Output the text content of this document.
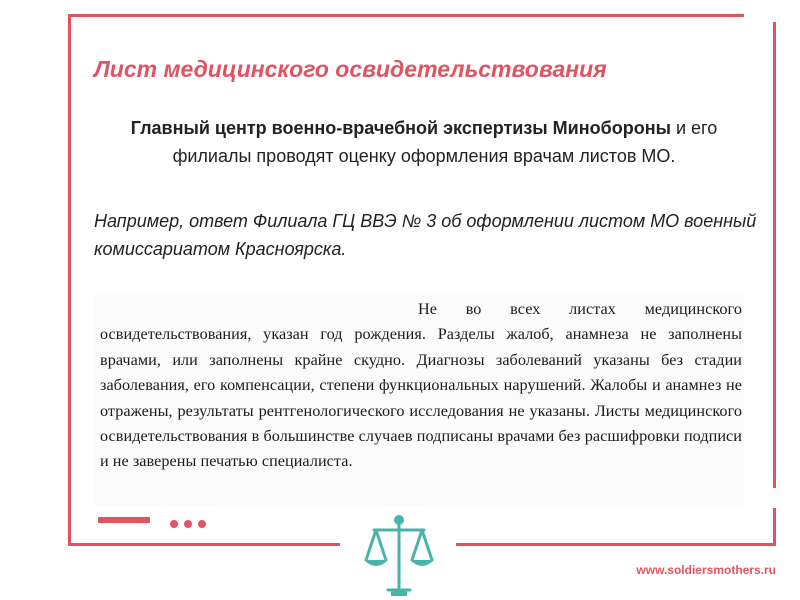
Лист медицинского освидетельствования

Главный центр военно-врачебной экспертизы Минобороны и его филиалы проводят оценку оформления врачам листов МО.

Например, ответ Филиала ГЦ ВВЭ № 3 об оформлении листом МО военный комиссариатом Красноярска.

Не во всех листах медицинского освидетельствования, указан год рождения. Разделы жалоб, анамнеза не заполнены врачами, или заполнены крайне скудно. Диагнозы заболеваний указаны без стадии заболевания, его компенсации, степени функциональных нарушений. Жалобы и анамнез не отражены, результаты рентгенологического исследования не указаны. Листы медицинского освидетельствования в большинстве случаев подписаны врачами без расшифровки подписи и не заверены печатью специалиста.

www.soldiersmothers.ru
